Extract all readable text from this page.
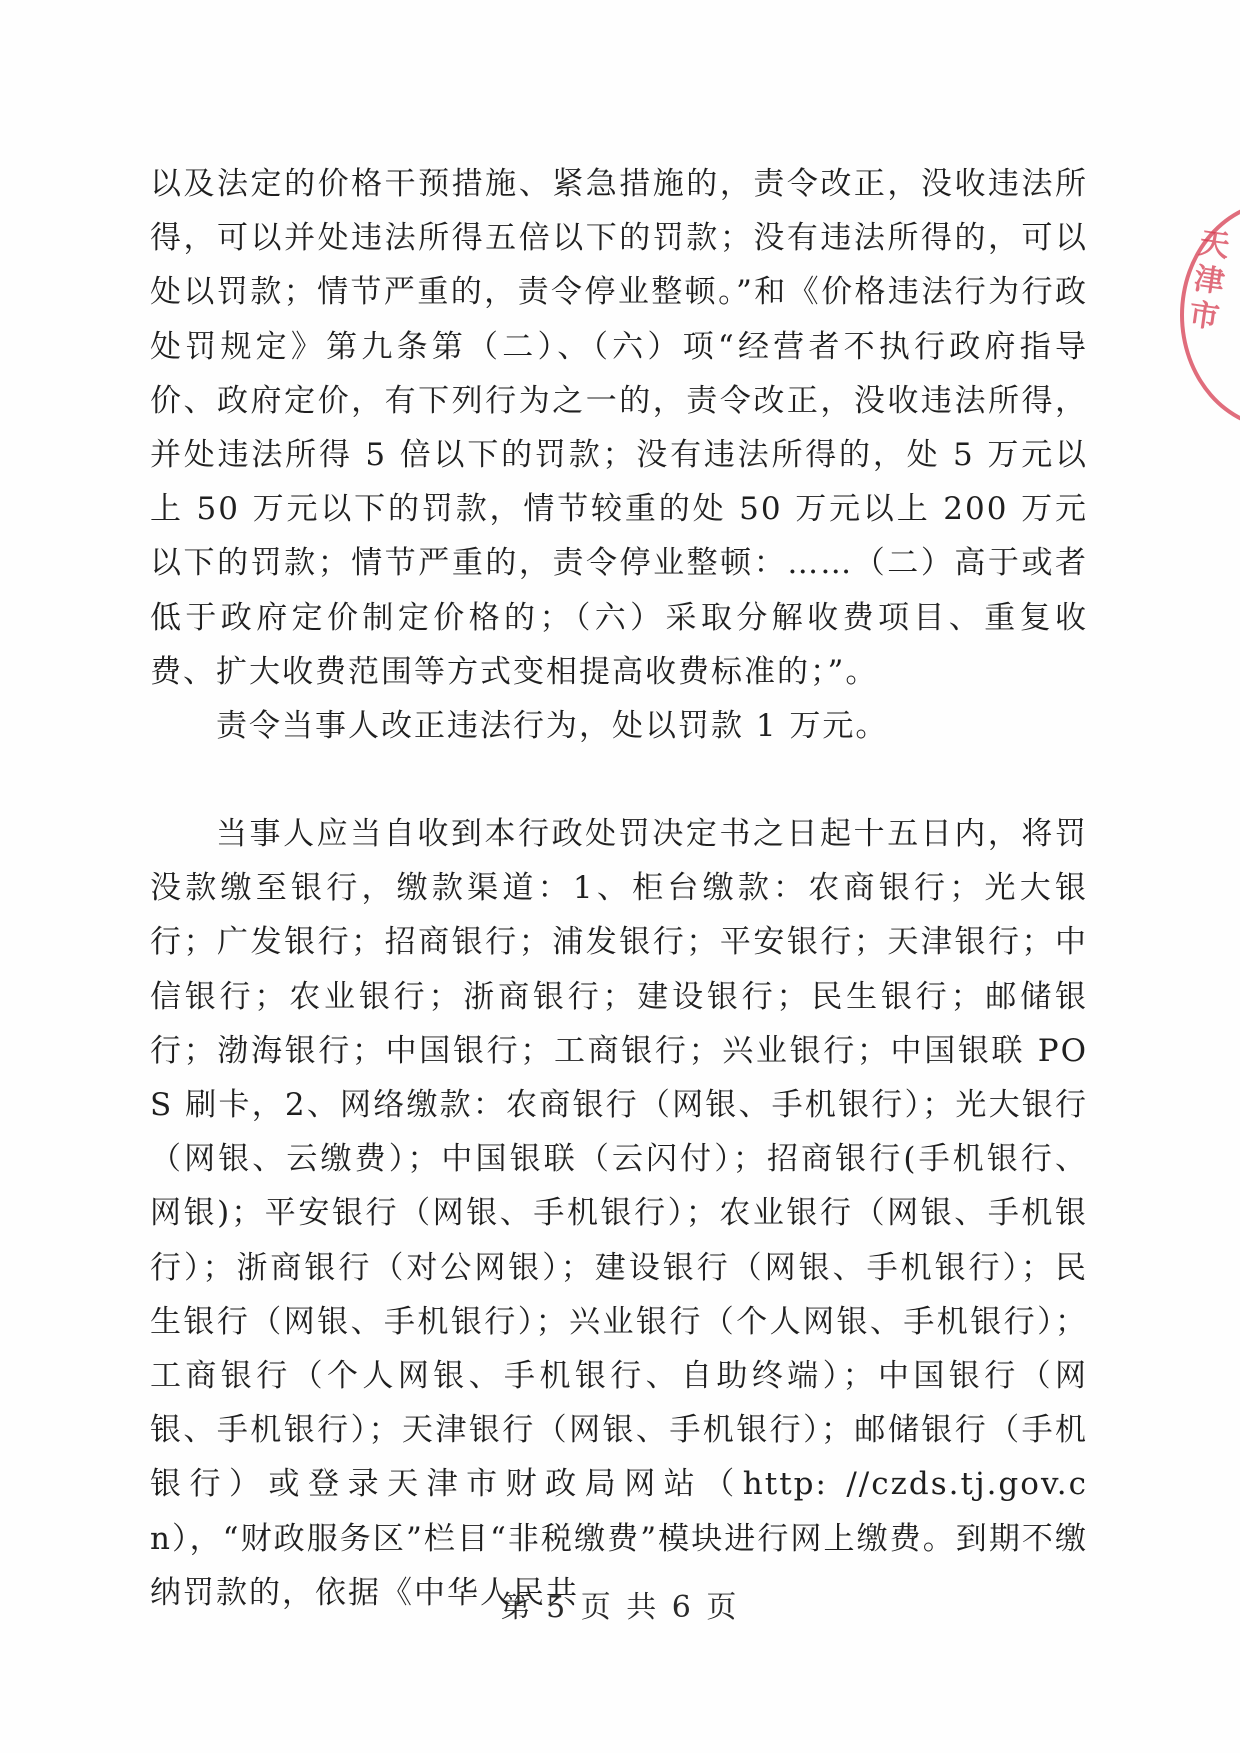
以及法定的价格干预措施、紧急措施的，责令改正，没收违法所得，可以并处违法所得五倍以下的罚款；没有违法所得的，可以处以罚款；情节严重的，责令停业整顿。”和《价格违法行为行政处罚规定》第九条第（二）、（六）项“经营者不执行政府指导价、政府定价，有下列行为之一的，责令改正，没收违法所得，并处违法所得 5 倍以下的罚款；没有违法所得的，处 5 万元以上 50 万元以下的罚款，情节较重的处 50 万元以上 200 万元以下的罚款；情节严重的，责令停业整顿：……（二）高于或者低于政府定价制定价格的；（六）采取分解收费项目、重复收费、扩大收费范围等方式变相提高收费标准的；”。

责令当事人改正违法行为，处以罚款 1 万元。

当事人应当自收到本行政处罚决定书之日起十五日内，将罚没款缴至银行，缴款渠道：1、柜台缴款：农商银行；光大银行；广发银行；招商银行；浦发银行；平安银行；天津银行；中信银行；农业银行；浙商银行；建设银行；民生银行；邮储银行；渤海银行；中国银行；工商银行；兴业银行；中国银联 POS 刷卡，2、网络缴款：农商银行（网银、手机银行）；光大银行（网银、云缴费）；中国银联（云闪付）；招商银行(手机银行、网银)；平安银行（网银、手机银行）；农业银行（网银、手机银行）；浙商银行（对公网银）；建设银行（网银、手机银行）；民生银行（网银、手机银行）；兴业银行（个人网银、手机银行）；工商银行（个人网银、手机银行、自助终端）；中国银行（网银、手机银行）；天津银行（网银、手机银行）；邮储银行（手机银行）或登录天津市财政局网站（http: //czds.tj.gov.cn），“财政服务区”栏目“非税缴费”模块进行网上缴费。到期不缴纳罚款的，依据《中华人民共

第 5 页 共 6 页
天津市
